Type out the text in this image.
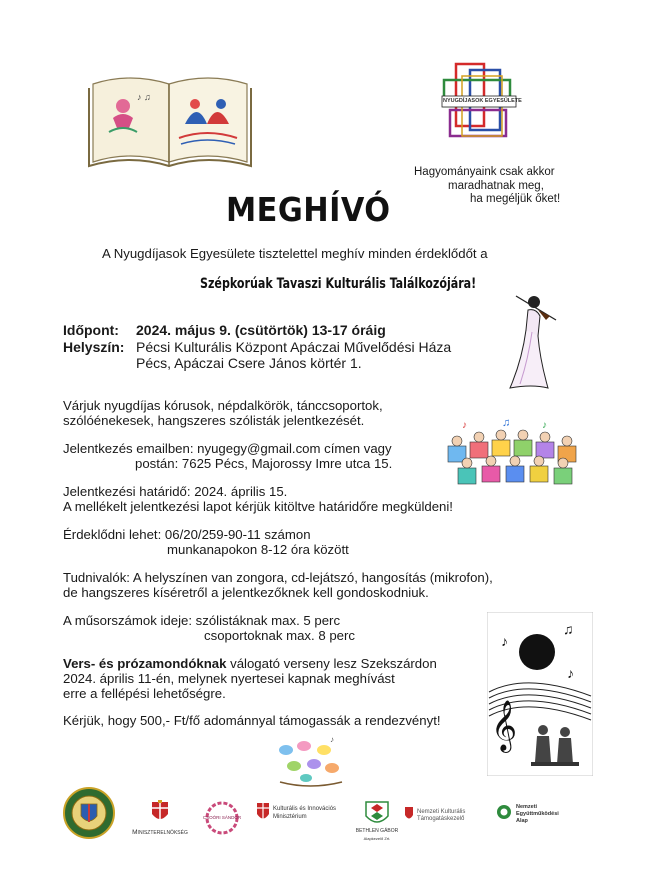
♪ ♫	NYUGDÍJASOK EGYESÜLETE
Hagyományaink csak akkor
maradhatnak meg,
ha megéljük őket!
MEGHÍVÓ
A Nyugdíjasok Egyesülete tisztelettel meghív minden érdeklődőt a
Szépkorúak Tavaszi Kulturális Találkozójára!
Időpont: 2024. május 9. (csütörtök) 13-17 óráig
Helyszín: Pécsi Kulturális Központ Apáczai Művelődési Háza
Pécs, Apáczai Csere János körtér 1.
Várjuk nyugdíjas kórusok, népdalkörök, tánccsoportok,
szólóénekesek, hangszeres szólisták jelentkezését.
Jelentkezés emailben: nyugegy@gmail.com címen vagy
postán: 7625 Pécs, Majorossy Imre utca 15.
♪	♫	♪
Jelentkezési határidő: 2024. április 15.
A mellékelt jelentkezési lapot kérjük kitöltve határidőre megküldeni!
Érdeklődni lehet: 06/20/259-90-11 számon
munkanapokon 8-12 óra között
Tudnivalók: A helyszínen van zongora, cd-lejátszó, hangosítás (mikrofon),
de hangszeres kíséretről a jelentkezőknek kell gondoskodniuk.
A műsorszámok ideje: szólistáknak max. 5 perc
csoportoknak max. 8 perc
Vers- és prózamondóknak válogató verseny lesz Szekszárdon
2024. április 11-én, melynek nyertesei kapnak meghívást
erre a fellépési lehetőségre.
Kérjük, hogy 500,- Ft/fő adománnyal támogassák a rendezvényt! 𝄞
♪
♫
♪
♪
Miniszterelnökség
CSOÓRI SÁNDOR
Kulturális és Innovációs
Minisztérium
BETHLEN GÁBOR
Alapkezelő Zrt.
Nemzeti Kulturális Támogatáskezelő
Nemzeti
Együttműködési
Alap
